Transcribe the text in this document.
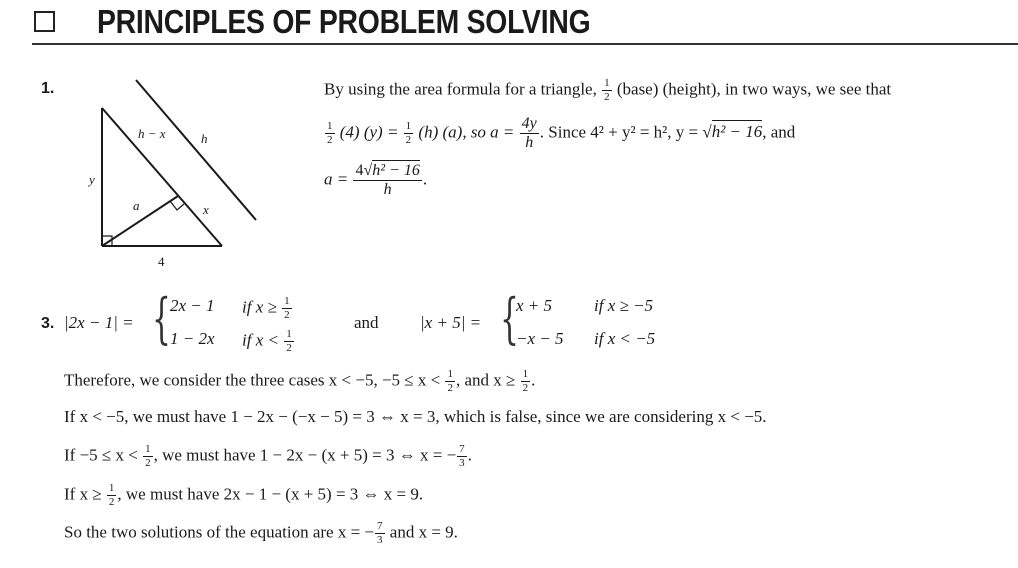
PRINCIPLES OF PROBLEM SOLVING
1.
h − x	h
y
a	x
4
By using the area formula for a triangle, $\frac{1}{2}$ (base) (height), in two ways, we see that
$\frac{1}{2} (4) (y) = \frac{1}{2} (h)$ (a), so $a = \frac{4y}{h}$ . Since 4² + y² = h², y = √h² − 16, and
$a = \frac{\text{4√h² − 16}}{h}$ .
3. |2x − 1| = { 2x − 1 if $x \ge \frac{1}{2}$
1 − 2x if $x < \frac{1}{2}$
and |x + 5| = {
x + 5 if x ≥ −5
−x − 5 if x < −5
Therefore, we consider the three cases x < −5, $-5 \le x < \frac{1}{2}$ , and $x \ge \frac{1}{2}$ .
If x < −5, we must have 1 − 2x − (−x − 5) = 3 ⇔ x = 3, which is false, since we are considering x < −5.
$If -5 \le x < \frac{1}{2}$ , we must have 1 − 2x − (x + 5) = 3 ⇔ x = − $\frac{7}{3}$ .
If $x \ge \frac{1}{2}$ , we must have 2x − 1 − (x + 5) = 3 ⇔ x = 9.
So the two solutions of the equation are x = − $\frac{7}{3}$ and x = 9.
